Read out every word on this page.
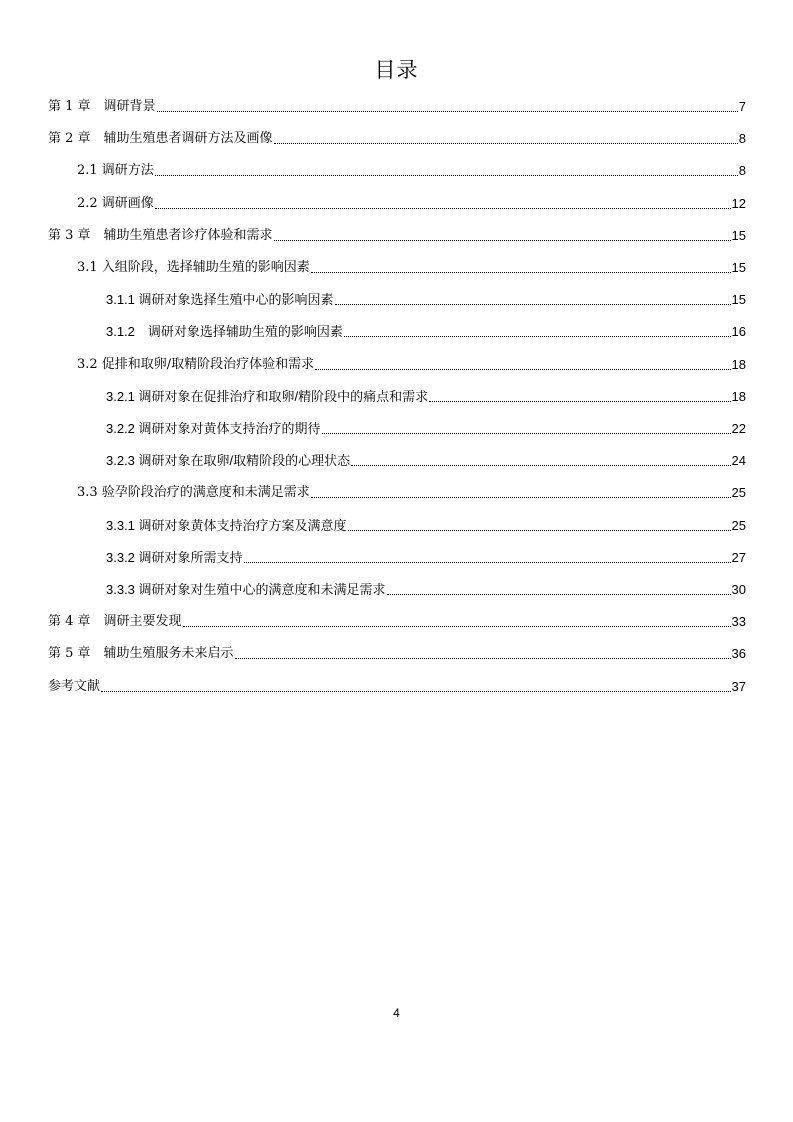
目录
第 1 章　调研背景	7
第 2 章　辅助生殖患者调研方法及画像	8
2.1 调研方法	8
2.2 调研画像	12
第 3 章　辅助生殖患者诊疗体验和需求	15
3.1 入组阶段，选择辅助生殖的影响因素	15
3.1.1 调研对象选择生殖中心的影响因素	15
3.1.2　调研对象选择辅助生殖的影响因素	16
3.2 促排和取卵/取精阶段治疗体验和需求	18
3.2.1 调研对象在促排治疗和取卵/精阶段中的痛点和需求	18
3.2.2 调研对象对黄体支持治疗的期待	22
3.2.3 调研对象在取卵/取精阶段的心理状态	24
3.3 验孕阶段治疗的满意度和未满足需求	25
3.3.1 调研对象黄体支持治疗方案及满意度	25
3.3.2 调研对象所需支持	27
3.3.3 调研对象对生殖中心的满意度和未满足需求	30
第 4 章　调研主要发现	33
第 5 章　辅助生殖服务未来启示	36
参考文献	37
4
